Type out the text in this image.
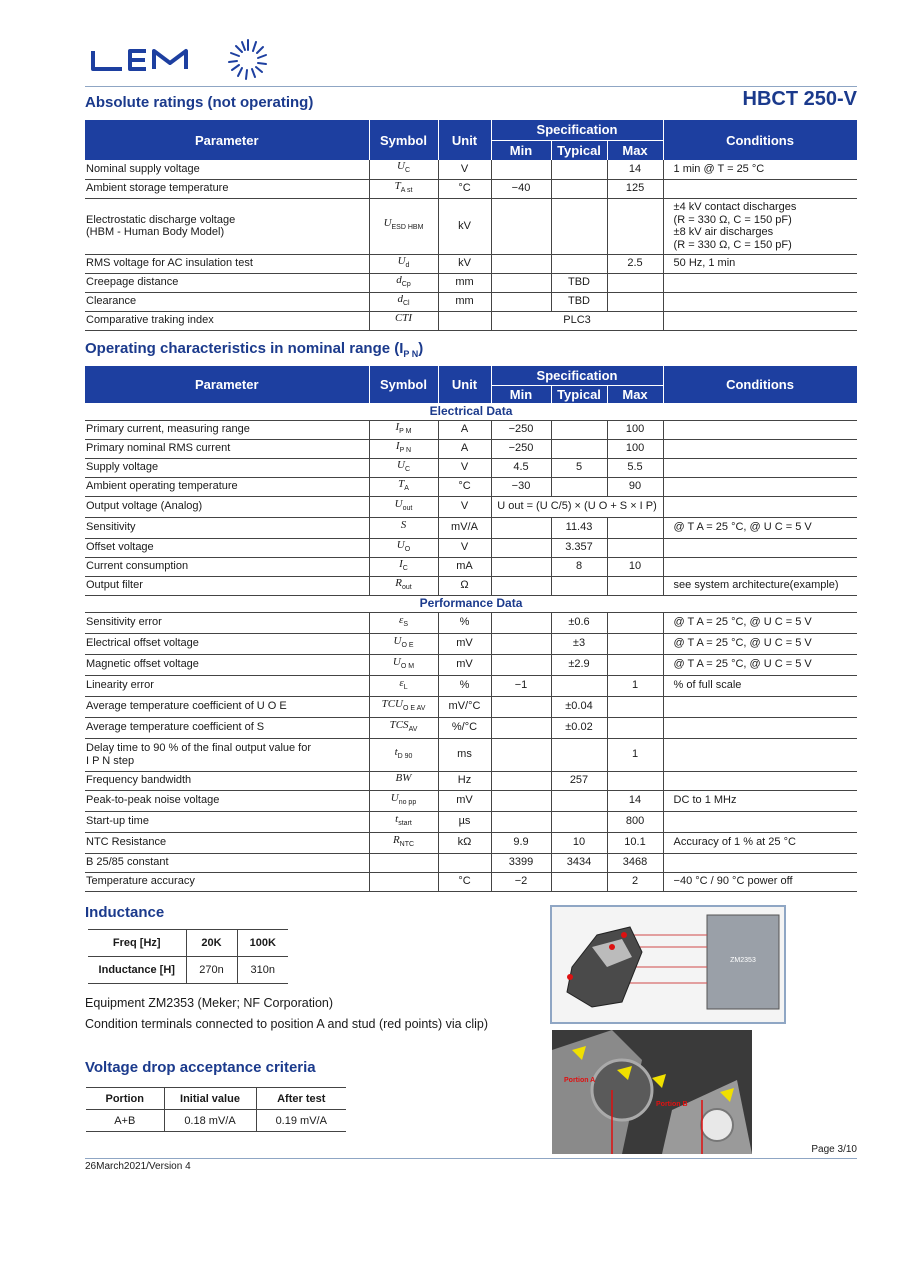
LEM
Absolute ratings (not operating)	HBCT 250-V
Parameter	Symbol	Unit	Specification			Conditions
			Min	Typical	Max	
Nominal supply voltage	$U_C$	V			14	1 min @ T = 25 °C
Ambient storage temperature	$T_{A st}$	°C	−40		125	
Electrostatic discharge voltage
(HBM - Human Body Model)	$U_{ESD HBM}$	kV				±4 kV contact discharges
(R = 330 Ω, C = 150 pF)
±8 kV air discharges
(R = 330 Ω, C = 150 pF)
RMS voltage for AC insulation test	$U_d$	kV			2.5	50 Hz, 1 min
Creepage distance	$d_{Cp}$	mm		TBD		
Clearance	$d_{Cl}$	mm		TBD		
Comparative traking index	CTI		PLC3			
Operating characteristics in nominal range $(I_{P N})$
Parameter	Symbol	Unit	Specification			Conditions
			Min	Typical	Max	
Electrical Data						
Primary current, measuring range	$I_{P M}$	A	−250		100	
Primary nominal RMS current	$I_{P N}$	A	−250		100	
Supply voltage	$U_C$	V	4.5	5	5.5	
Ambient operating temperature	$T_A$	°C	−30		90	
Output voltage (Analog)	$U_{out}$	V	U out = (U C/5) × (U O + S × I P)			
Sensitivity	S	mV/A		11.43		@ T A = 25 °C, @ U C = 5 V
Offset voltage	$U_O$	V		3.357		
Current consumption	$I_C$	mA		8	10	
Output filter	$R_{out}$	Ω				see system architecture(example)
Performance Data						
Sensitivity error	$\varepsilon_S$	%		±0.6		@ T A = 25 °C, @ U C = 5 V
Electrical offset voltage	$U_{O E}$	mV		±3		@ T A = 25 °C, @ U C = 5 V
Magnetic offset voltage	$U_{O M}$	mV		±2.9		@ T A = 25 °C, @ U C = 5 V
Linearity error	$\varepsilon_L$	%	−1		1	% of full scale
Average temperature coefficient of U O E	$TCU_{O E AV}$	mV/°C		±0.04		
Average temperature coefficient of S	$TCS_{AV}$	%/°C		±0.02		
Delay time to 90 % of the final output value for
I P N step	$t_{D 90}$	ms			1	
Frequency bandwidth	BW	Hz		257		
Peak-to-peak noise voltage	$U_{no pp}$	mV			14	DC to 1 MHz
Start-up time	$t_{start}$	µs			800	
NTC Resistance	$R_{NTC}$	kΩ	9.9	10	10.1	Accuracy of 1 % at 25 °C
B 25/85 constant			3399	3434	3468	
Temperature accuracy		°C	−2		2	−40 °C / 90 °C power off
Inductance
Freq [Hz]	20K	100K
Inductance [H]	270n	310n
Equipment ZM2353 (Meker; NF Corporation)
Condition terminals connected to position A and stud (red points) via clip)
Voltage drop acceptance criteria
Portion	Initial value	After test
A+B	0.18 mV/A	0.19 mV/A
ZM2353
Portion A
Portion B
Page 3/10
26March2021/Version 4
